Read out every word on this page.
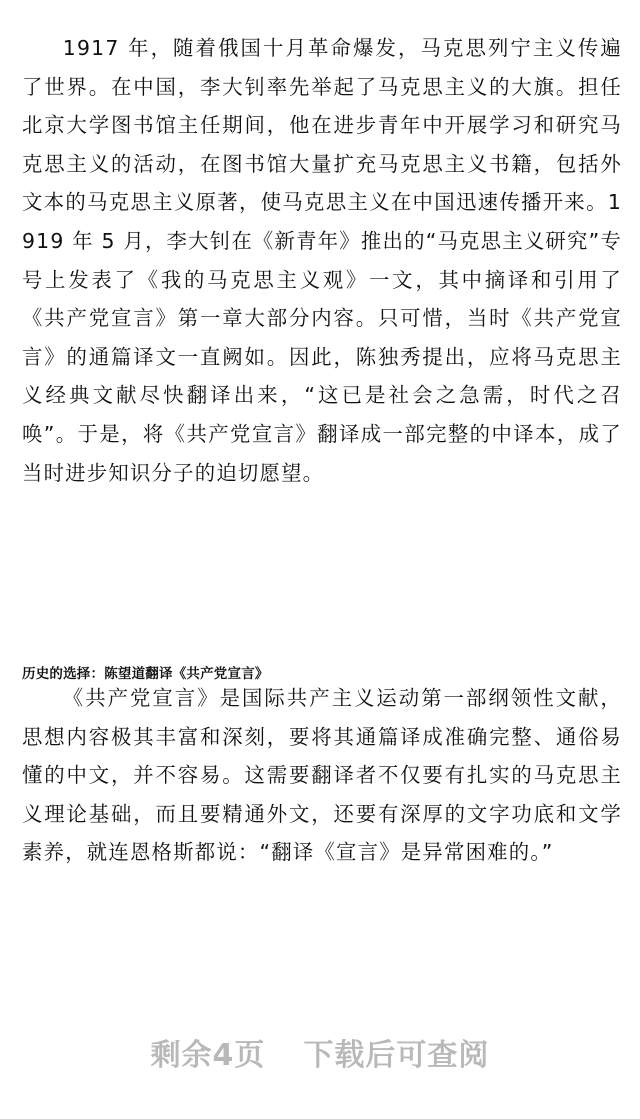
1917 年，随着俄国十月革命爆发，马克思列宁主义传遍了世界。在中国，李大钊率先举起了马克思主义的大旗。担任北京大学图书馆主任期间，他在进步青年中开展学习和研究马克思主义的活动，在图书馆大量扩充马克思主义书籍，包括外文本的马克思主义原著，使马克思主义在中国迅速传播开来。1919 年 5 月，李大钊在《新青年》推出的“马克思主义研究”专号上发表了《我的马克思主义观》一文，其中摘译和引用了《共产党宣言》第一章大部分内容。只可惜，当时《共产党宣言》的通篇译文一直阙如。因此，陈独秀提出，应将马克思主义经典文献尽快翻译出来，“这已是社会之急需，时代之召唤”。于是，将《共产党宣言》翻译成一部完整的中译本，成了当时进步知识分子的迫切愿望。

历史的选择：陈望道翻译《共产党宣言》

《共产党宣言》是国际共产主义运动第一部纲领性文献，思想内容极其丰富和深刻，要将其通篇译成准确完整、通俗易懂的中文，并不容易。这需要翻译者不仅要有扎实的马克思主义理论基础，而且要精通外文，还要有深厚的文字功底和文学素养，就连恩格斯都说：“翻译《宣言》是异常困难的。”

剩余4页 下载后可查阅
